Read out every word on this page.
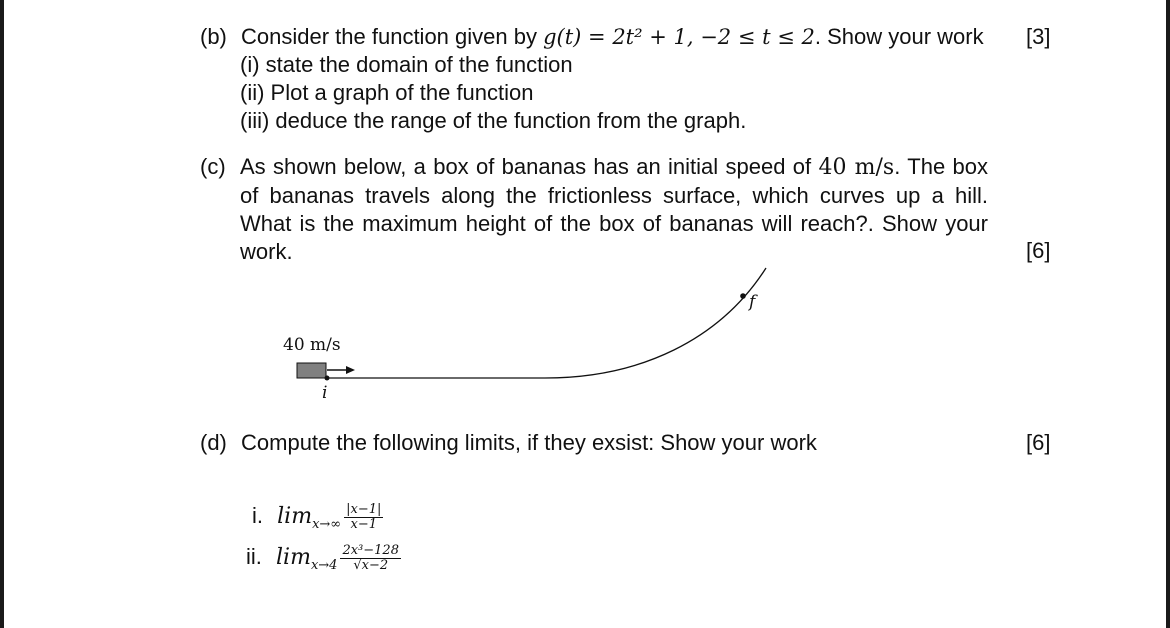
(b) Consider the function given by g(t) = 2t² + 1, −2 ≤ t ≤ 2. Show your work [3]
(i) state the domain of the function
(ii) Plot a graph of the function
(iii) deduce the range of the function from the graph.
(c) As shown below, a box of bananas has an initial speed of 40 m/s. The box of bananas travels along the frictionless surface, which curves up a hill. What is the maximum height of the box of bananas will reach?. Show your work.	[6]
40 m/s
i
f
(d) Compute the following limits, if they exsist: Show your work	[6]
i. $\lim_{x\to\infty} \frac{|x-1|}{x-1}$
ii. $\lim_{x\to 4} \frac{\text{2x³−128}}{√x-2}$
